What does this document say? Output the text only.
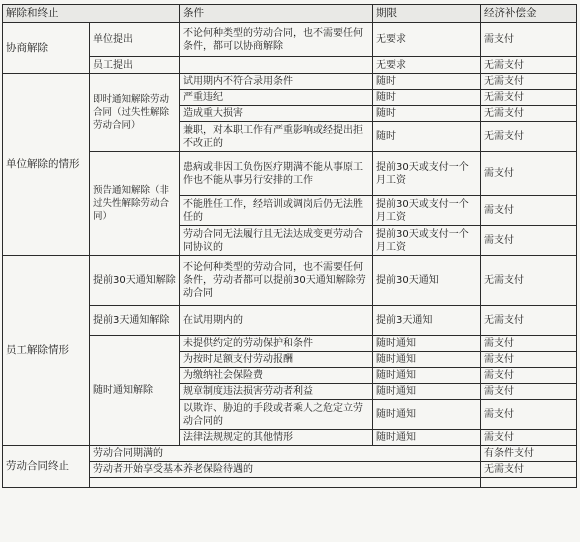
解除和终止		条件	期限	经济补偿金
协商解除	单位提出	不论何种类型的劳动合同，也不需要任何条件，都可以协商解除	无要求	需支付
	员工提出		无要求	无需支付
单位解除的情形	即时通知解除劳动合同（过失性解除劳动合同）	试用期内不符合录用条件	随时	无需支付
		严重违纪	随时	无需支付
		造成重大损害	随时	无需支付
		兼职，对本职工作有严重影响或经提出拒不改正的	随时	无需支付
	预告通知解除（非过失性解除劳动合同）	患病或非因工负伤医疗期满不能从事原工作也不能从事另行安排的工作	提前30天或支付一个月工资	需支付
		不能胜任工作，经培训或调岗后仍无法胜任的	提前30天或支付一个月工资	需支付
		劳动合同无法履行且无法达成变更劳动合同协议的	提前30天或支付一个月工资	需支付
员工解除情形	提前30天通知解除	不论何种类型的劳动合同，也不需要任何条件，劳动者都可以提前30天通知解除劳动合同	提前30天通知	无需支付
	提前3天通知解除	在试用期内的	提前3天通知	无需支付
	随时通知解除	未提供约定的劳动保护和条件	随时通知	需支付
		为按时足额支付劳动报酬	随时通知	需支付
		为缴纳社会保险费	随时通知	需支付
		规章制度违法损害劳动者利益	随时通知	需支付
		以欺诈、胁迫的手段或者乘人之危定立劳动合同的	随时通知	需支付
		法律法规规定的其他情形	随时通知	需支付
劳动合同终止	劳动合同期满的			有条件支付
	劳动者开始享受基本养老保险待遇的			无需支付
